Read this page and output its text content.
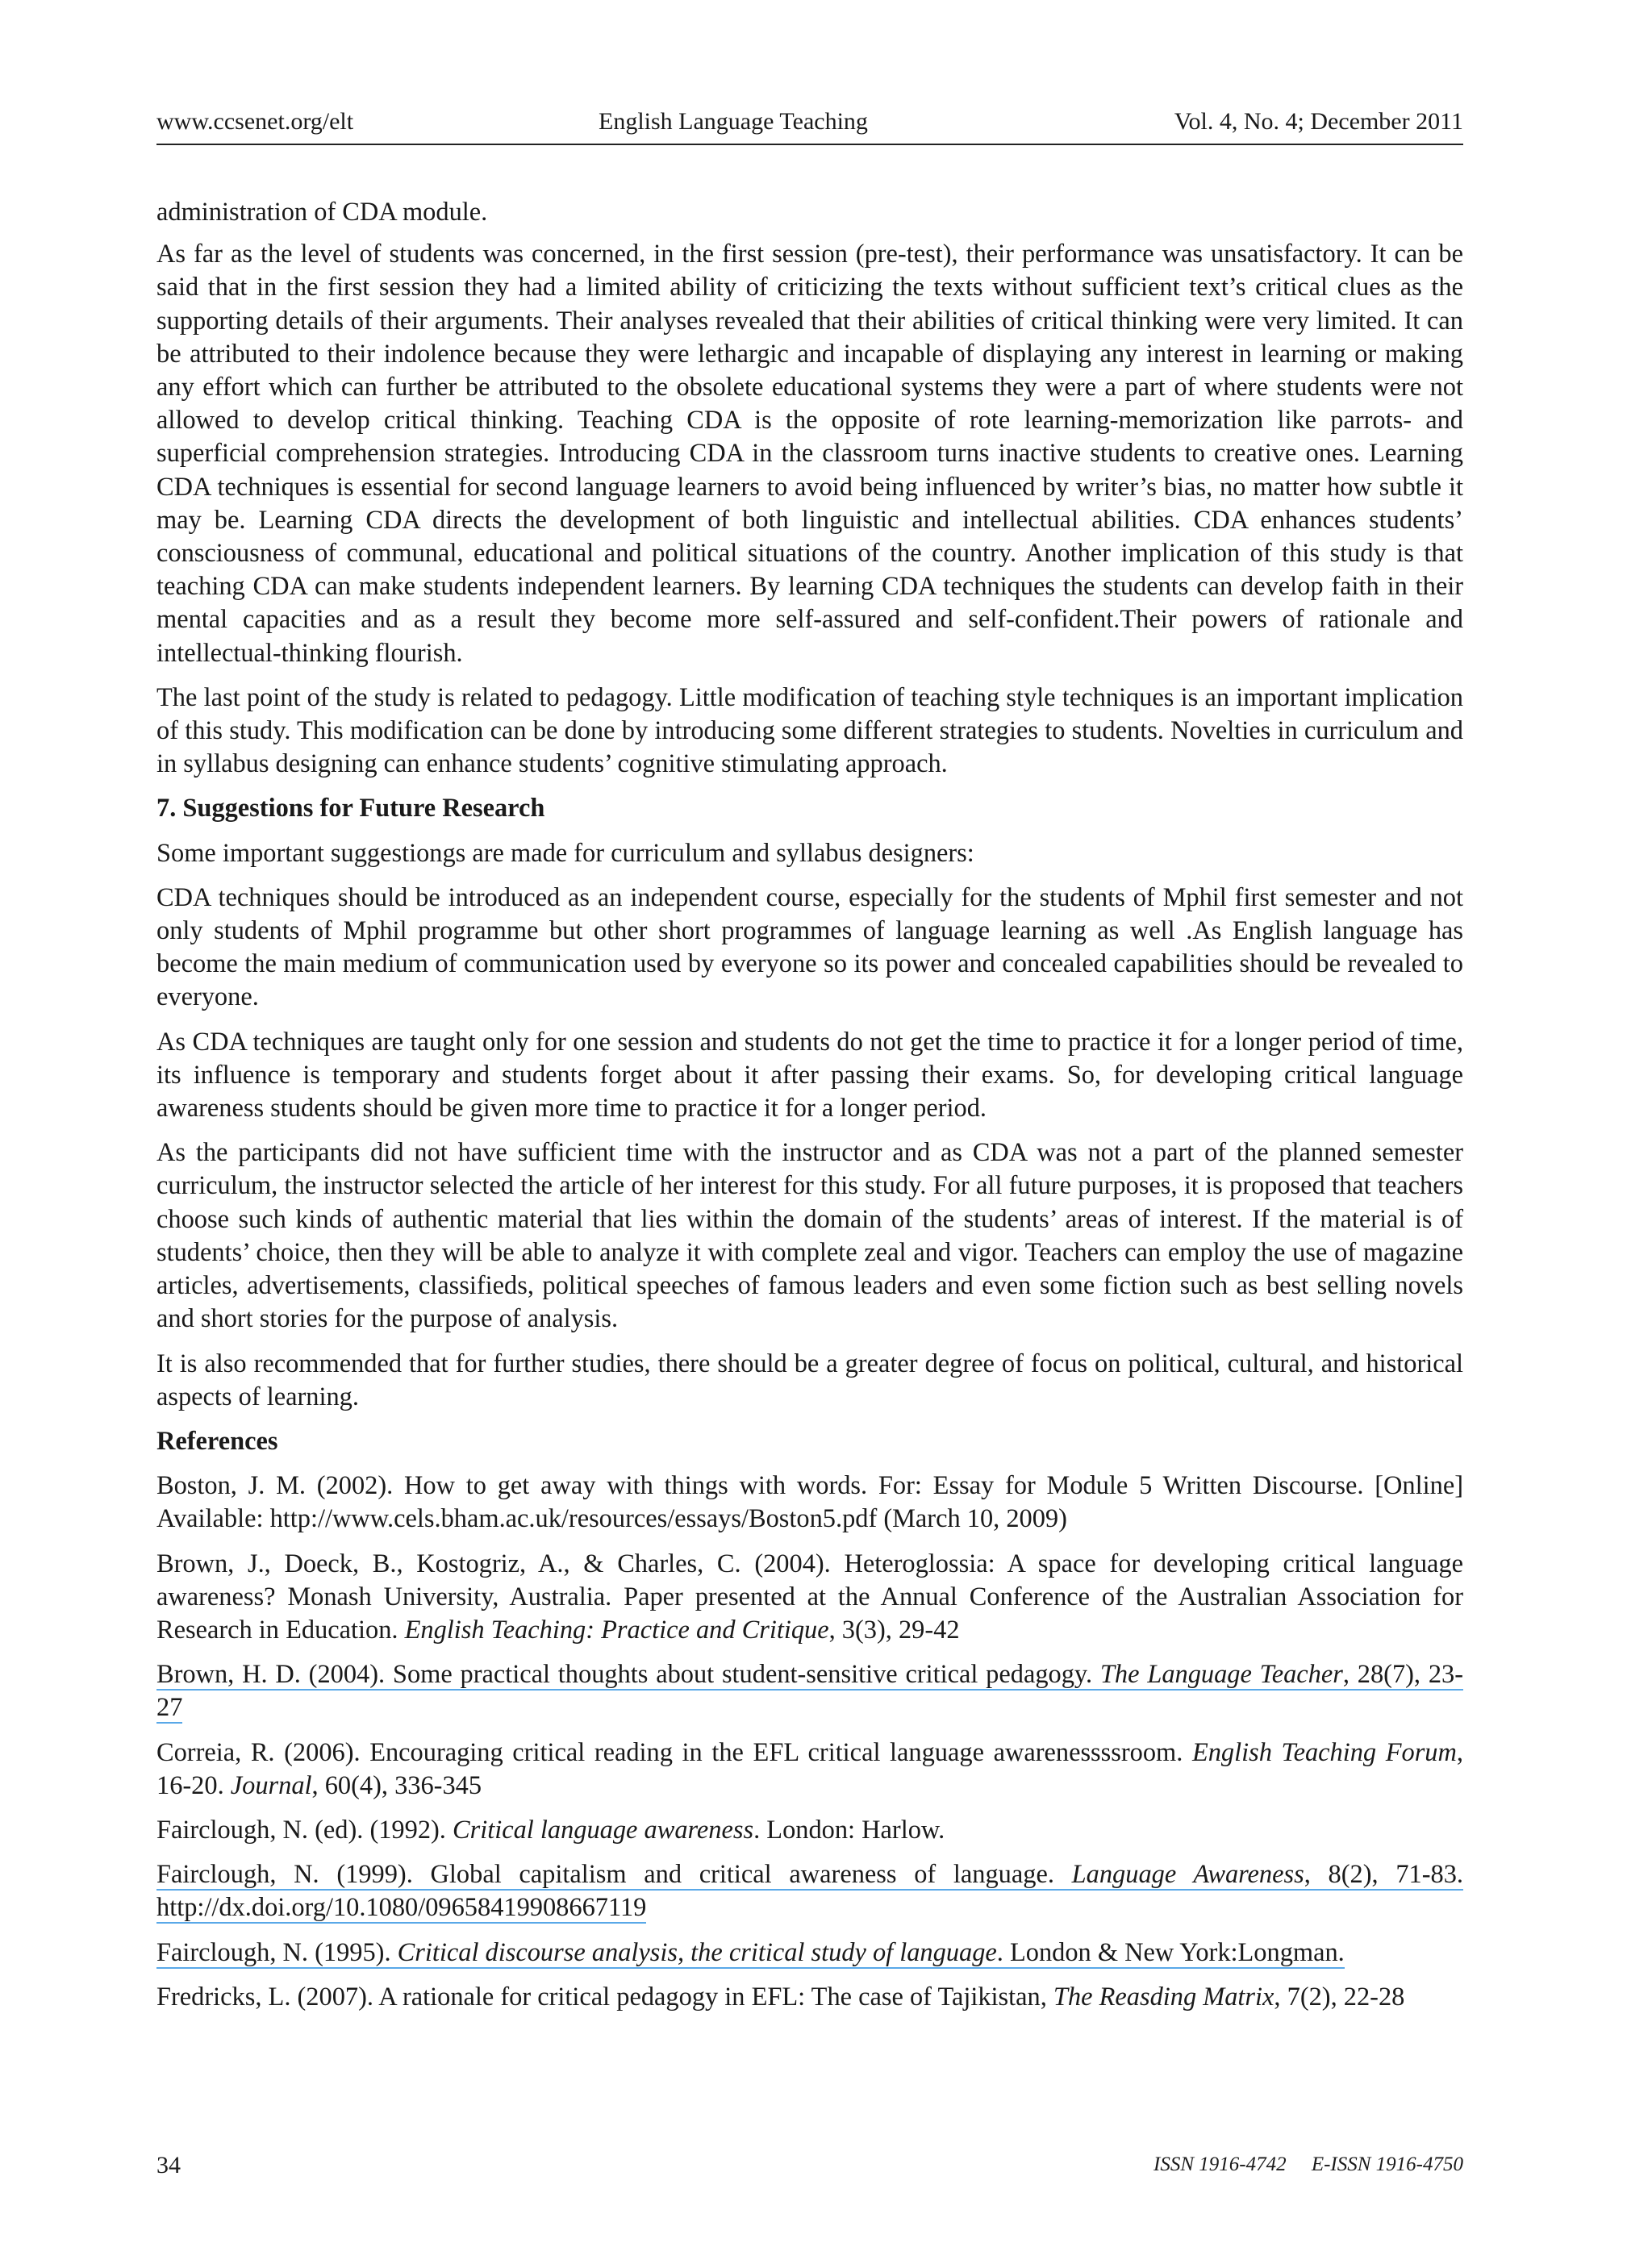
www.ccsenet.org/elt	English Language Teaching	Vol. 4, No. 4; December 2011

administration of CDA module.

As far as the level of students was concerned, in the first session (pre-test), their performance was unsatisfactory. It can be said that in the first session they had a limited ability of criticizing the texts without sufficient text’s critical clues as the supporting details of their arguments. Their analyses revealed that their abilities of critical thinking were very limited. It can be attributed to their indolence because they were lethargic and incapable of displaying any interest in learning or making any effort which can further be attributed to the obsolete educational systems they were a part of where students were not allowed to develop critical thinking. Teaching CDA is the opposite of rote learning-memorization like parrots- and superficial comprehension strategies. Introducing CDA in the classroom turns inactive students to creative ones. Learning CDA techniques is essential for second language learners to avoid being influenced by writer’s bias, no matter how subtle it may be. Learning CDA directs the development of both linguistic and intellectual abilities. CDA enhances students’ consciousness of communal, educational and political situations of the country. Another implication of this study is that teaching CDA can make students independent learners. By learning CDA techniques the students can develop faith in their mental capacities and as a result they become more self-assured and self-confident.Their powers of rationale and intellectual-thinking flourish.

The last point of the study is related to pedagogy. Little modification of teaching style techniques is an important implication of this study. This modification can be done by introducing some different strategies to students. Novelties in curriculum and in syllabus designing can enhance students’ cognitive stimulating approach.

7. Suggestions for Future Research

Some important suggestiongs are made for curriculum and syllabus designers:

CDA techniques should be introduced as an independent course, especially for the students of Mphil first semester and not only students of Mphil programme but other short programmes of language learning as well .As English language has become the main medium of communication used by everyone so its power and concealed capabilities should be revealed to everyone.

As CDA techniques are taught only for one session and students do not get the time to practice it for a longer period of time, its influence is temporary and students forget about it after passing their exams. So, for developing critical language awareness students should be given more time to practice it for a longer period.

As the participants did not have sufficient time with the instructor and as CDA was not a part of the planned semester curriculum, the instructor selected the article of her interest for this study. For all future purposes, it is proposed that teachers choose such kinds of authentic material that lies within the domain of the students’ areas of interest. If the material is of students’ choice, then they will be able to analyze it with complete zeal and vigor. Teachers can employ the use of magazine articles, advertisements, classifieds, political speeches of famous leaders and even some fiction such as best selling novels and short stories for the purpose of analysis.

It is also recommended that for further studies, there should be a greater degree of focus on political, cultural, and historical aspects of learning.

References

Boston, J. M. (2002). How to get away with things with words. For: Essay for Module 5 Written Discourse. [Online] Available: http://www.cels.bham.ac.uk/resources/essays/Boston5.pdf (March 10, 2009)

Brown, J., Doeck, B., Kostogriz, A., & Charles, C. (2004). Heteroglossia: A space for developing critical language awareness? Monash University, Australia. Paper presented at the Annual Conference of the Australian Association for Research in Education. English Teaching: Practice and Critique, 3(3), 29-42

Brown, H. D. (2004). Some practical thoughts about student-sensitive critical pedagogy. The Language Teacher, 28(7), 23-27

Correia, R. (2006). Encouraging critical reading in the EFL critical language awarenessssroom. English Teaching Forum, 16-20. Journal, 60(4), 336-345

Fairclough, N. (ed). (1992). Critical language awareness. London: Harlow.

Fairclough, N. (1999). Global capitalism and critical awareness of language. Language Awareness, 8(2), 71-83. http://dx.doi.org/10.1080/09658419908667119

Fairclough, N. (1995). Critical discourse analysis, the critical study of language. London & New York:Longman.

Fredricks, L. (2007). A rationale for critical pedagogy in EFL: The case of Tajikistan, The Reasding Matrix, 7(2), 22-28

34	ISSN 1916-4742     E-ISSN 1916-4750
